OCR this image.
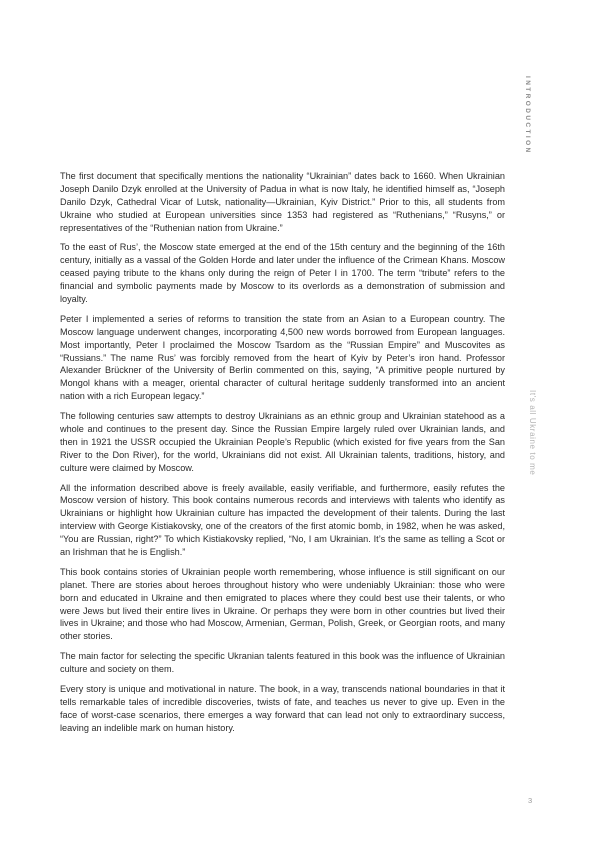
INTRODUCTION
It's all Ukraine to me

The first document that specifically mentions the nationality “Ukrainian” dates back to 1660. When Ukrainian Joseph Danilo Dzyk enrolled at the University of Padua in what is now Italy, he identified himself as, “Joseph Danilo Dzyk, Cathedral Vicar of Lutsk, nationality—Ukrainian, Kyiv District.” Prior to this, all students from Ukraine who studied at European universities since 1353 had registered as “Ruthenians,” “Rusyns,” or representatives of the “Ruthenian nation from Ukraine.”

To the east of Rus’, the Moscow state emerged at the end of the 15th century and the beginning of the 16th century, initially as a vassal of the Golden Horde and later under the influence of the Crimean Khans. Moscow ceased paying tribute to the khans only during the reign of Peter I in 1700. The term “tribute” refers to the financial and symbolic payments made by Moscow to its overlords as a demonstration of submission and loyalty.

Peter I implemented a series of reforms to transition the state from an Asian to a European country. The Moscow language underwent changes, incorporating 4,500 new words borrowed from European languages. Most importantly, Peter I proclaimed the Moscow Tsardom as the “Russian Empire” and Muscovites as “Russians.” The name Rus’ was forcibly removed from the heart of Kyiv by Peter’s iron hand. Professor Alexander Brückner of the University of Berlin commented on this, saying, “A primitive people nurtured by Mongol khans with a meager, oriental character of cultural heritage suddenly transformed into an ancient nation with a rich European legacy.”

The following centuries saw attempts to destroy Ukrainians as an ethnic group and Ukrainian statehood as a whole and continues to the present day. Since the Russian Empire largely ruled over Ukrainian lands, and then in 1921 the USSR occupied the Ukrainian People’s Republic (which existed for five years from the San River to the Don River), for the world, Ukrainians did not exist. All Ukrainian talents, traditions, history, and culture were claimed by Moscow.

All the information described above is freely available, easily verifiable, and furthermore, easily refutes the Moscow version of history. This book contains numerous records and interviews with talents who identify as Ukrainians or highlight how Ukrainian culture has impacted the development of their talents. During the last interview with George Kistiakovsky, one of the creators of the first atomic bomb, in 1982, when he was asked, “You are Russian, right?” To which Kistiakovsky replied, “No, I am Ukrainian. It’s the same as telling a Scot or an Irishman that he is English.”

This book contains stories of Ukrainian people worth remembering, whose influence is still significant on our planet. There are stories about heroes throughout history who were undeniably Ukrainian: those who were born and educated in Ukraine and then emigrated to places where they could best use their talents, or who were Jews but lived their entire lives in Ukraine. Or perhaps they were born in other countries but lived their lives in Ukraine; and those who had Moscow, Armenian, German, Polish, Greek, or Georgian roots, and many other stories.

The main factor for selecting the specific Ukranian talents featured in this book was the influence of Ukrainian culture and society on them.

Every story is unique and motivational in nature. The book, in a way, transcends national boundaries in that it tells remarkable tales of incredible discoveries, twists of fate, and teaches us never to give up. Even in the face of worst-case scenarios, there emerges a way forward that can lead not only to extraordinary success, leaving an indelible mark on human history.

3
